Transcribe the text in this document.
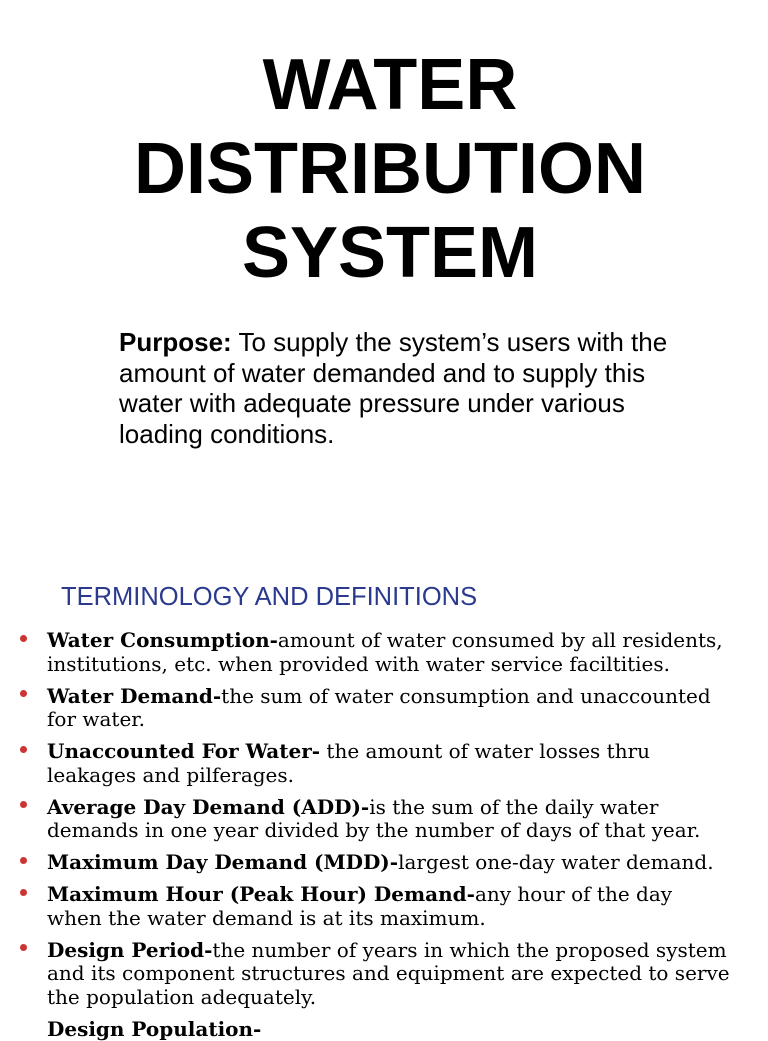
WATER
DISTRIBUTION
SYSTEM

Purpose: To supply the system’s users with the
amount of water demanded and to supply this
water with adequate pressure under various
loading conditions.

TERMINOLOGY AND DEFINITIONS
Water Consumption-amount of water consumed by all residents,
institutions, etc. when provided with water service faciltities.
Water Demand-the sum of water consumption and unaccounted
for water.
Unaccounted For Water- the amount of water losses thru
leakages and pilferages.
Average Day Demand (ADD)-is the sum of the daily water
demands in one year divided by the number of days of that year.
Maximum Day Demand (MDD)-largest one-day water demand.
Maximum Hour (Peak Hour) Demand-any hour of the day
when the water demand is at its maximum.
Design Period-the number of years in which the proposed system
and its component structures and equipment are expected to serve
the population adequately.
Design Population-
